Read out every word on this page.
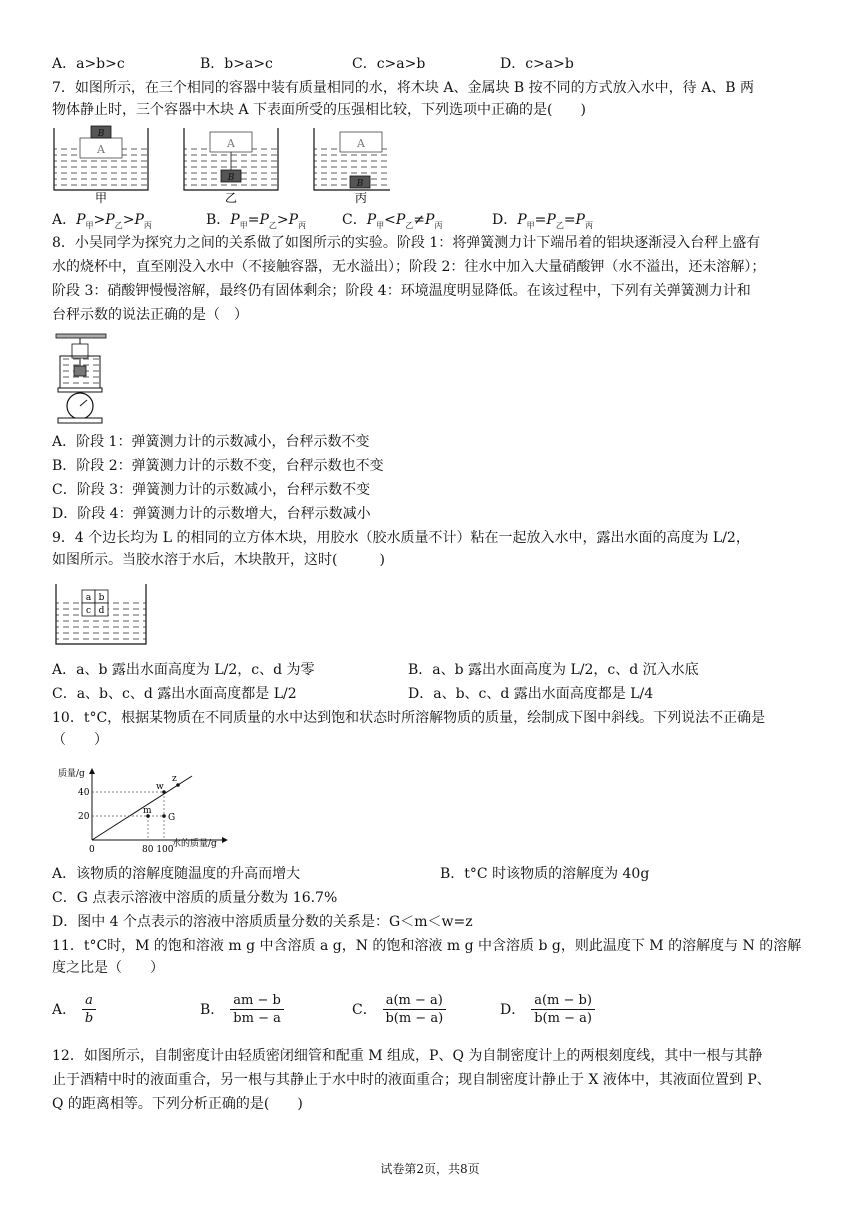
A．a>b>c	B．b>a>c	C．c>a>b	D．c>a>b
7．如图所示，在三个相同的容器中装有质量相同的水，将木块 A、金属块 B 按不同的方式放入水中，待 A、B 两
物体静止时，三个容器中木块 A 下表面所受的压强相比较，下列选项中正确的是(　　)
A
B
A
B
A
B
甲	乙	丙
A．$P_甲>P_乙>P_丙$	B．$P_甲=P_乙>P_丙$	C．$P_甲<P_乙\ne P_丙$	D．$P_甲=P_乙=P_丙$
8．小吴同学为探究力之间的关系做了如图所示的实验。阶段 1：将弹簧测力计下端吊着的铝块逐渐浸入台秤上盛有
水的烧杯中，直至刚没入水中（不接触容器，无水溢出）；阶段 2：往水中加入大量硝酸钾（水不溢出，还未溶解）；
阶段 3：硝酸钾慢慢溶解，最终仍有固体剩余；阶段 4：环境温度明显降低。在该过程中，下列有关弹簧测力计和
台秤示数的说法正确的是（　）
A．阶段 1：弹簧测力计的示数减小，台秤示数不变
B．阶段 2：弹簧测力计的示数不变，台秤示数也不变
C．阶段 3：弹簧测力计的示数减小，台秤示数不变
D．阶段 4：弹簧测力计的示数增大，台秤示数减小
9．4 个边长均为 L 的相同的立方体木块，用胶水（胶水质量不计）粘在一起放入水中，露出水面的高度为 L/2，
如图所示。当胶水溶于水后，木块散开，这时(　　　)
a b
c d
A．a、b 露出水面高度为 L/2，c、d 为零	B．a、b 露出水面高度为 L/2，c、d 沉入水底
C．a、b、c、d 露出水面高度都是 L/2	D．a、b、c、d 露出水面高度都是 L/4
10．t°C，根据某物质在不同质量的水中达到饱和状态时所溶解物质的质量，绘制成下图中斜线。下列说法不正确是
（　　）
质量/g
w
z
m
G
40
20
0	80 100
水的质量/g
A．该物质的溶解度随温度的升高而增大	B．t°C 时该物质的溶解度为 40g
C．G 点表示溶液中溶质的质量分数为 16.7%
D．图中 4 个点表示的溶液中溶质质量分数的关系是：G＜m＜w=z
11．t°C时，M 的饱和溶液 m g 中含溶质 a g，N 的饱和溶液 m g 中含溶质 b g，则此温度下 M 的溶解度与 N 的溶解
度之比是（　　）
A． $\frac{a}{b}$	B． $\frac{am - b}{bm - a}$	C． $\frac{a(m - a)}{b(m - a)}$	D． $\frac{a(m - b)}{b(m - a)}$
12．如图所示，自制密度计由轻质密闭细管和配重 M 组成，P、Q 为自制密度计上的两根刻度线，其中一根与其静
止于酒精中时的液面重合，另一根与其静止于水中时的液面重合；现自制密度计静止于 X 液体中，其液面位置到 P、
Q 的距离相等。下列分析正确的是(　　)
试卷第2页，共8页
